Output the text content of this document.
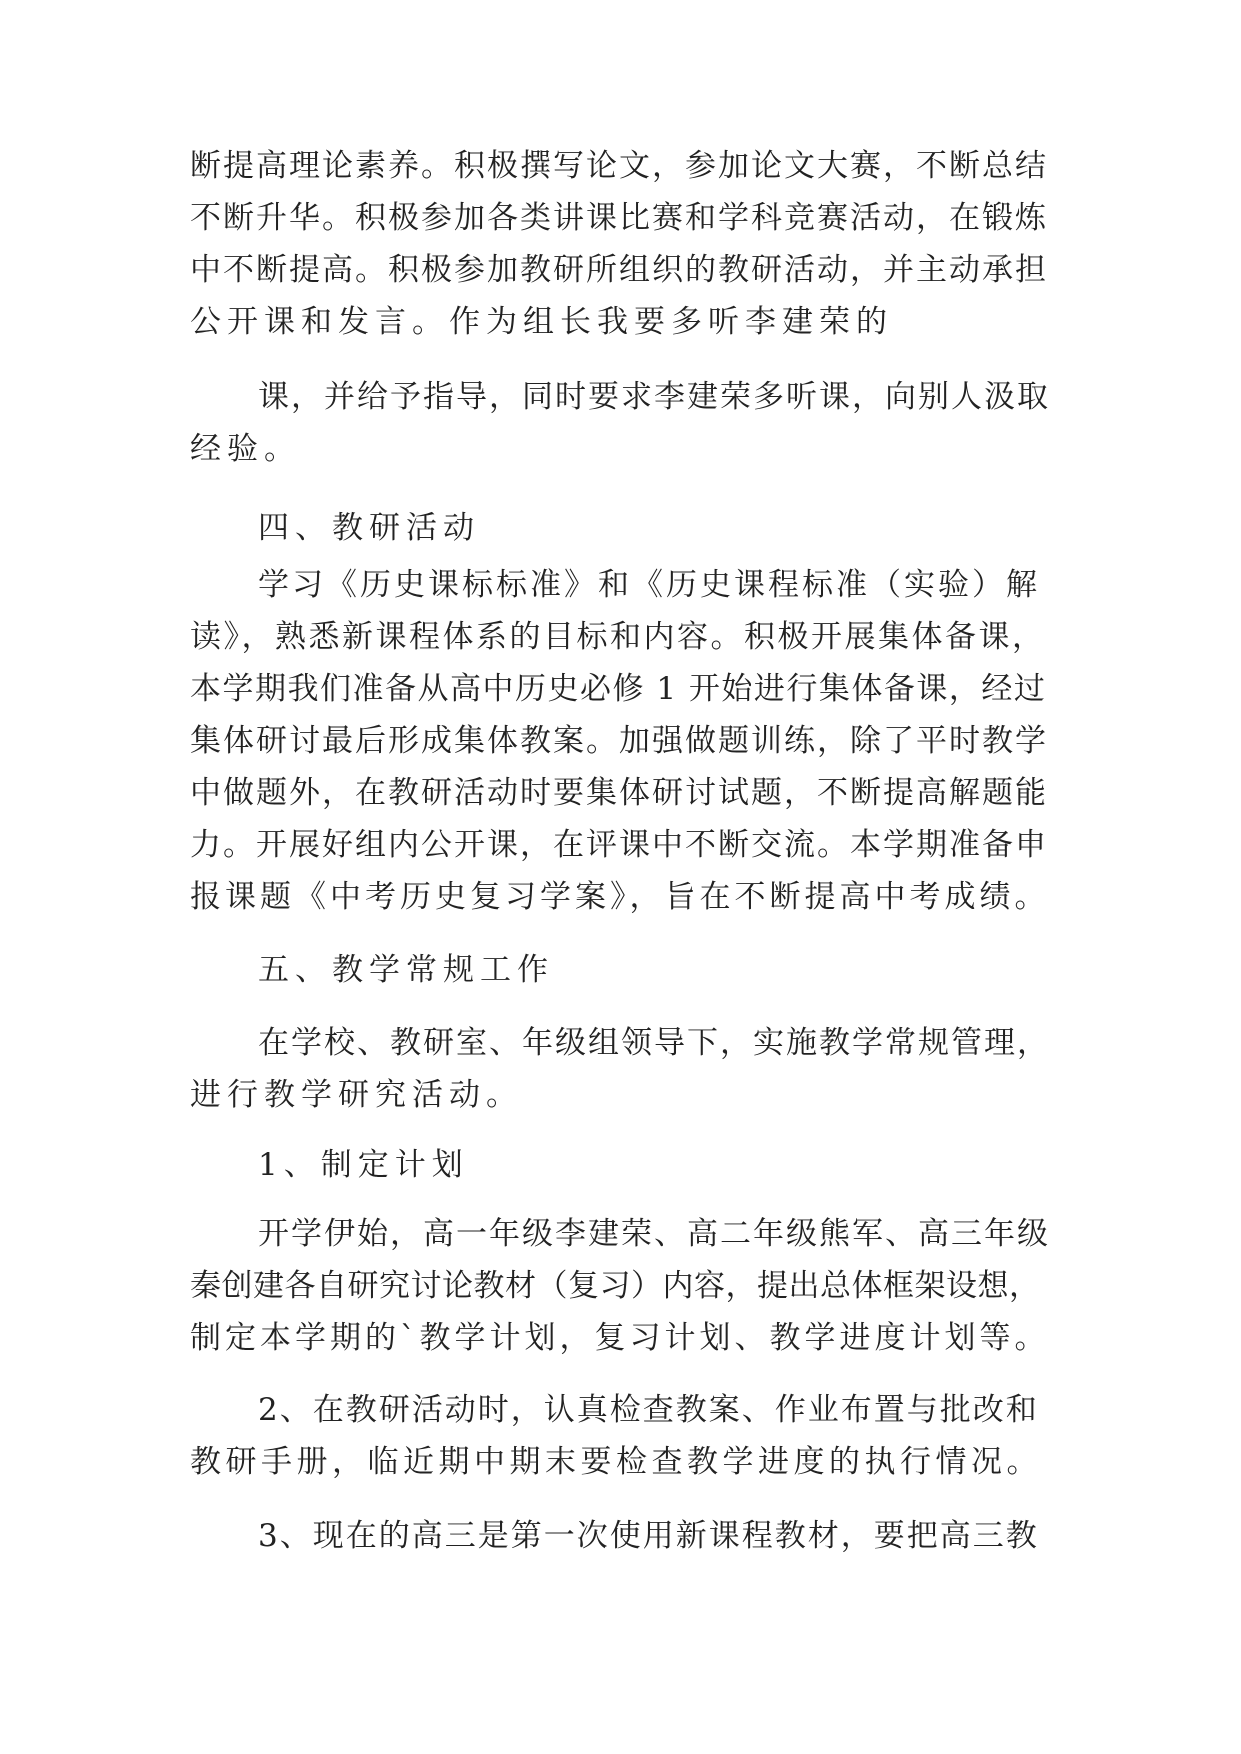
断提高理论素养。积极撰写论文，参加论文大赛，不断总结

不断升华。积极参加各类讲课比赛和学科竞赛活动，在锻炼

中不断提高。积极参加教研所组织的教研活动，并主动承担

公开课和发言。作为组长我要多听李建荣的

课，并给予指导，同时要求李建荣多听课，向别人汲取

经验。

四、教研活动

学习《历史课标标准》和《历史课程标准（实验）解

读》，熟悉新课程体系的目标和内容。积极开展集体备课，

本学期我们准备从高中历史必修 1 开始进行集体备课，经过

集体研讨最后形成集体教案。加强做题训练，除了平时教学

中做题外，在教研活动时要集体研讨试题，不断提高解题能

力。开展好组内公开课，在评课中不断交流。本学期准备申

报课题《中考历史复习学案》，旨在不断提高中考成绩。

五、教学常规工作

在学校、教研室、年级组领导下，实施教学常规管理，

进行教学研究活动。

1、制定计划

开学伊始，高一年级李建荣、高二年级熊军、高三年级

秦创建各自研究讨论教材（复习）内容，提出总体框架设想，

制定本学期的`教学计划，复习计划、教学进度计划等。

2、在教研活动时，认真检查教案、作业布置与批改和

教研手册，临近期中期末要检查教学进度的执行情况。

3、现在的高三是第一次使用新课程教材，要把高三教
